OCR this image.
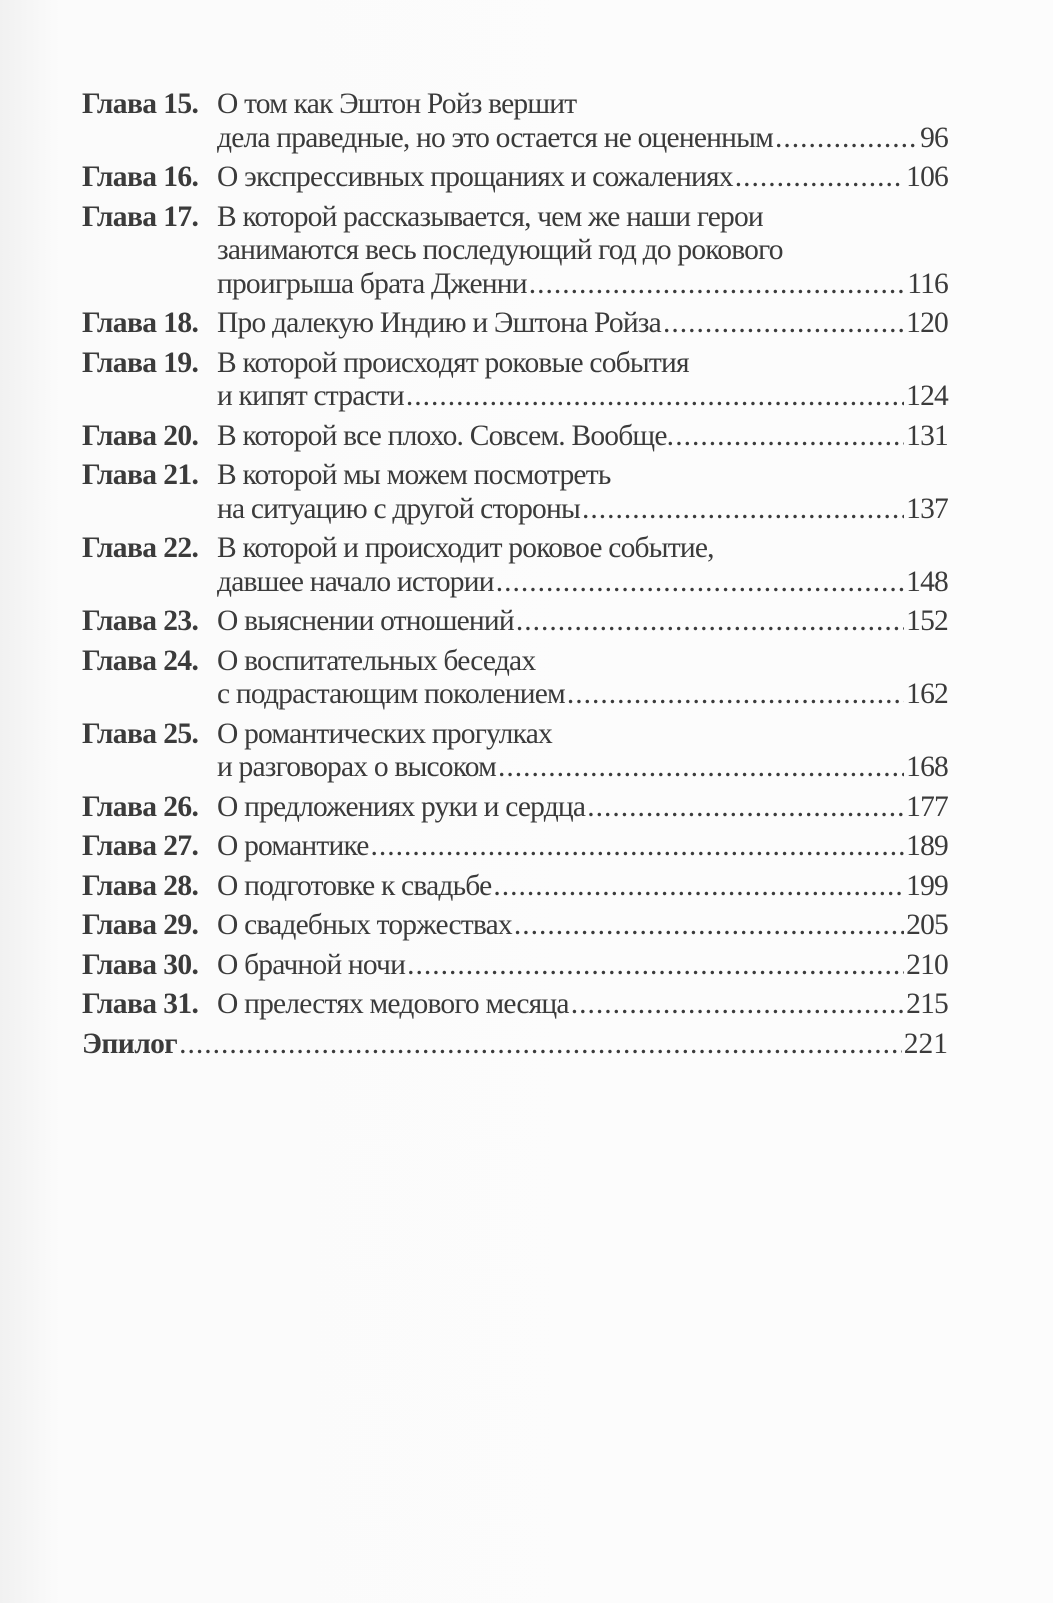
Глава 15. О том как Эштон Ройз вершит
дела праведные, но это остается не оцененным .....	96
Глава 16. О экспрессивных прощаниях и сожалениях .....	106
Глава 17. В которой рассказывается, чем же наши герои
занимаются весь последующий год до рокового
проигрыша брата Дженни .....	116
Глава 18. Про далекую Индию и Эштона Ройза .....	120
Глава 19. В которой происходят роковые события
и кипят страсти .....	124
Глава 20. В которой все плохо. Совсем. Вообще. .....	131
Глава 21. В которой мы можем посмотреть
на ситуацию с другой стороны .....	137
Глава 22. В которой и происходит роковое событие,
давшее начало истории .....	148
Глава 23. О выяснении отношений .....	152
Глава 24. О воспитательных беседах
с подрастающим поколением .....	162
Глава 25. О романтических прогулках
и разговорах о высоком .....	168
Глава 26. О предложениях руки и сердца .....	177
Глава 27. О романтике .....	189
Глава 28. О подготовке к свадьбе .....	199
Глава 29. О свадебных торжествах .....	205
Глава 30. О брачной ночи .....	210
Глава 31. О прелестях медового месяца .....	215
Эпилог .....	221
